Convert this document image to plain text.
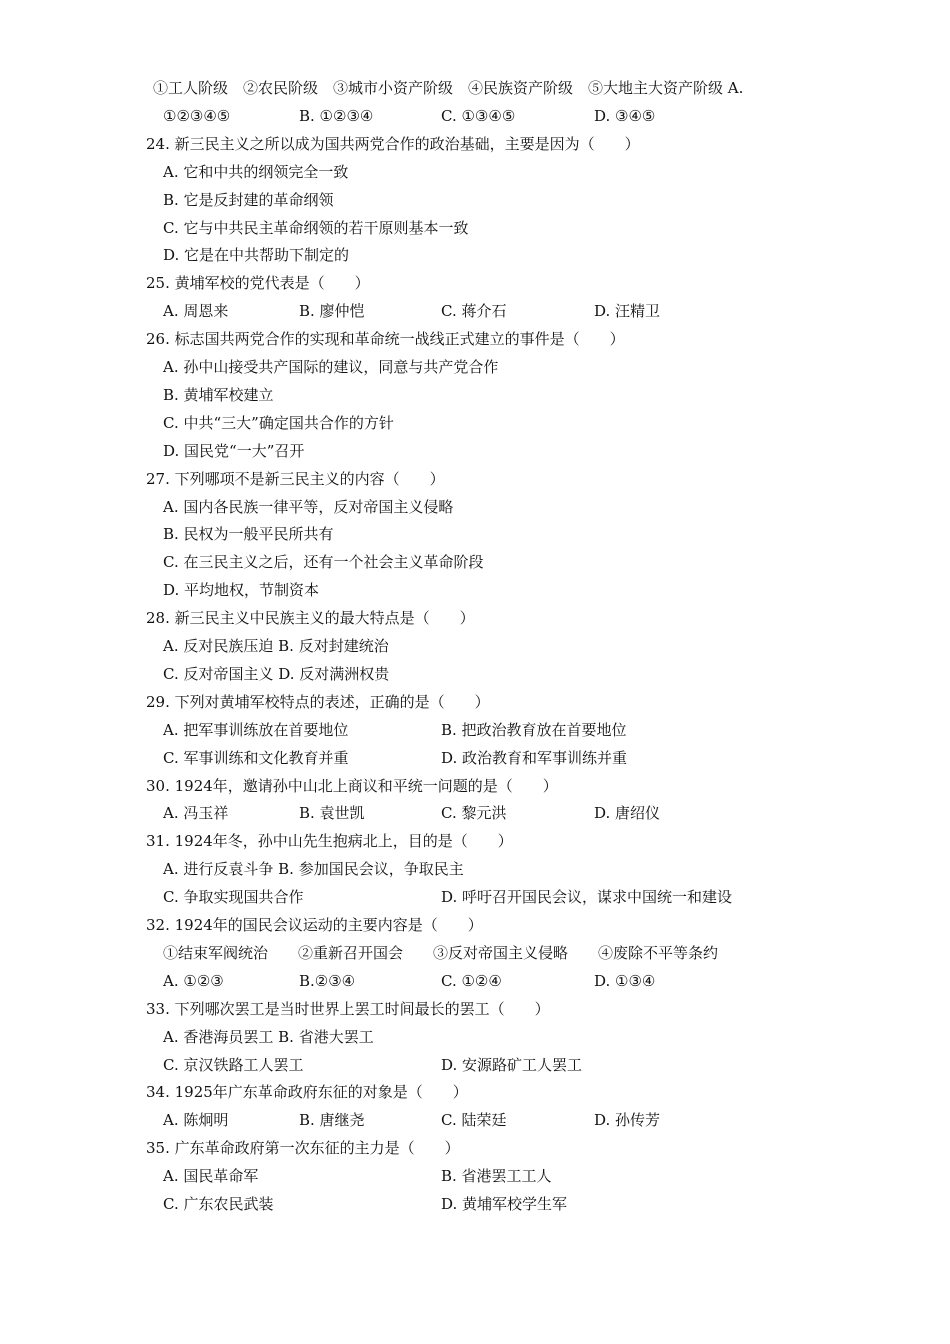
①工人阶级　②农民阶级　③城市小资产阶级　④民族资产阶级　⑤大地主大资产阶级 A.
①②③④⑤	B. ①②③④	C. ①③④⑤	D. ③④⑤
24. 新三民主义之所以成为国共两党合作的政治基础，主要是因为（　　）
A. 它和中共的纲领完全一致
B. 它是反封建的革命纲领
C. 它与中共民主革命纲领的若干原则基本一致
D. 它是在中共帮助下制定的
25. 黄埔军校的党代表是（　　）
A. 周恩来	B. 廖仲恺	C. 蒋介石	D. 汪精卫
26. 标志国共两党合作的实现和革命统一战线正式建立的事件是（　　）
A. 孙中山接受共产国际的建议，同意与共产党合作
B. 黄埔军校建立
C. 中共“三大”确定国共合作的方针
D. 国民党“一大”召开
27. 下列哪项不是新三民主义的内容（　　）
A. 国内各民族一律平等，反对帝国主义侵略
B. 民权为一般平民所共有
C. 在三民主义之后，还有一个社会主义革命阶段
D. 平均地权，节制资本
28. 新三民主义中民族主义的最大特点是（　　）
A. 反对民族压迫 B. 反对封建统治
C. 反对帝国主义 D. 反对满洲权贵
29. 下列对黄埔军校特点的表述，正确的是（　　）
A. 把军事训练放在首要地位	B. 把政治教育放在首要地位
C. 军事训练和文化教育并重	D. 政治教育和军事训练并重
30. 1924年，邀请孙中山北上商议和平统一问题的是（　　）
A. 冯玉祥	B. 袁世凯	C. 黎元洪	D. 唐绍仪
31. 1924年冬，孙中山先生抱病北上，目的是（　　）
A. 进行反袁斗争 B. 参加国民会议，争取民主
C. 争取实现国共合作	D. 呼吁召开国民会议，谋求中国统一和建设
32. 1924年的国民会议运动的主要内容是（　　）
①结束军阀统治　　②重新召开国会　　③反对帝国主义侵略　　④废除不平等条约
A. ①②③	B.②③④	C. ①②④	D. ①③④
33. 下列哪次罢工是当时世界上罢工时间最长的罢工（　　）
A. 香港海员罢工 B. 省港大罢工
C. 京汉铁路工人罢工	D. 安源路矿工人罢工
34. 1925年广东革命政府东征的对象是（　　）
A. 陈炯明	B. 唐继尧	C. 陆荣廷	D. 孙传芳
35. 广东革命政府第一次东征的主力是（　　）
A. 国民革命军	B. 省港罢工工人
C. 广东农民武装	D. 黄埔军校学生军
